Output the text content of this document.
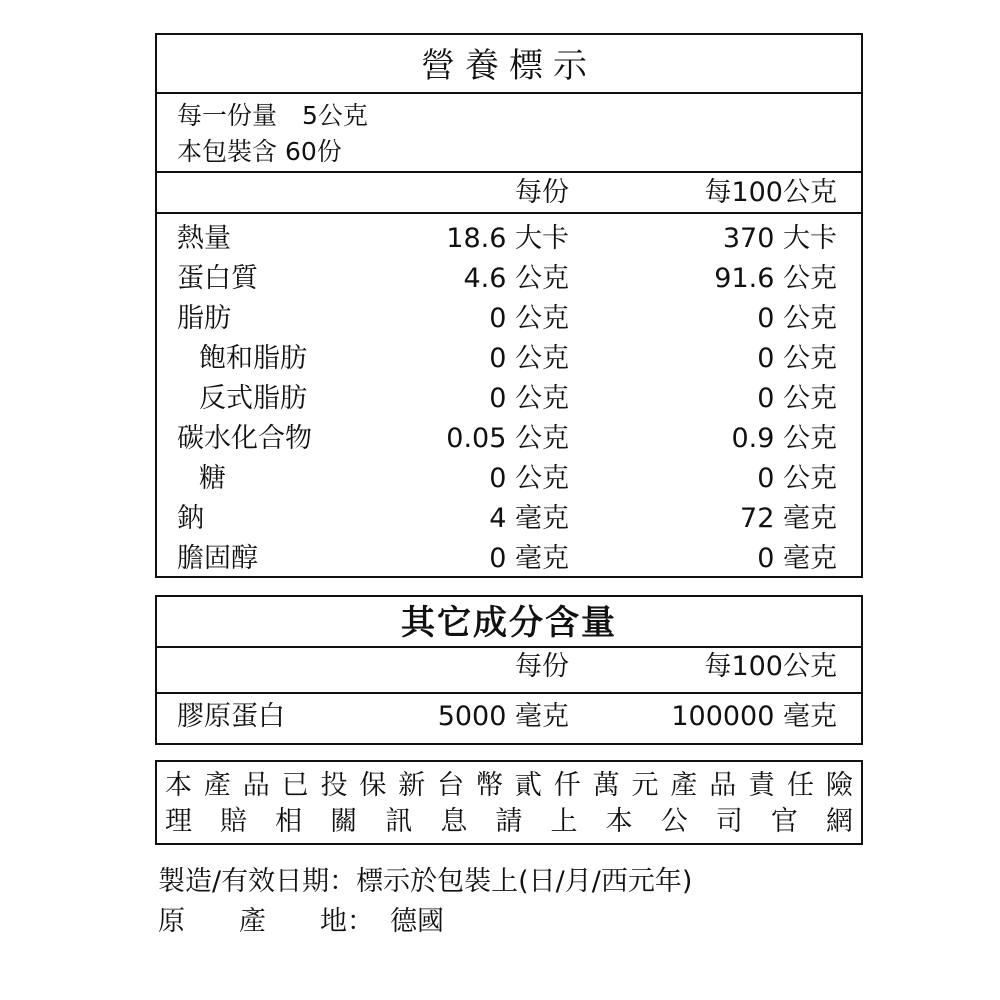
營養標示
每一份量　5公克
本包裝含 60份
每份	每100公克
熱量	18.6 大卡	370 大卡
蛋白質	4.6 公克	91.6 公克
脂肪	0 公克	0 公克
飽和脂肪	0 公克	0 公克
反式脂肪	0 公克	0 公克
碳水化合物	0.05 公克	0.9 公克
糖	0 公克	0 公克
鈉	4 毫克	72 毫克
膽固醇	0 毫克	0 毫克
其它成分含量
每份	每100公克
膠原蛋白	5000 毫克	100000 毫克
本 產 品 已 投 保 新 台 幣 貳 仟 萬 元 產 品 責 任 險
理 賠 相 關 訊 息 請 上 本 公 司 官 網
製造/有效日期：標示於包裝上(日/月/西元年)
原　　產　　地： 德國
